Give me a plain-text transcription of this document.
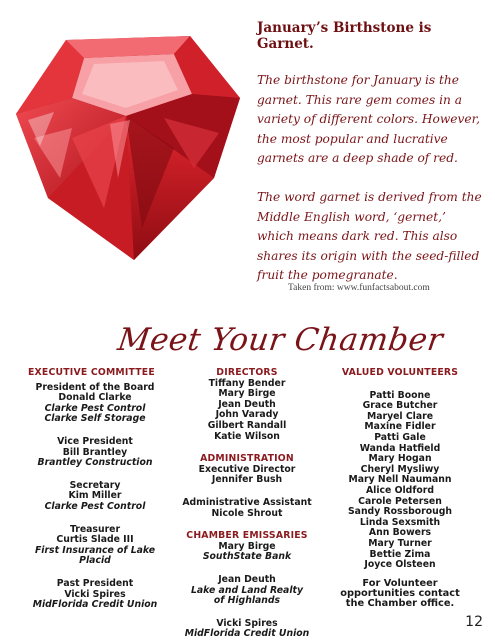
January’s Birthstone is Garnet.

The birthstone for January is the garnet. This rare gem comes in a variety of different colors. However, the most popular and lucrative garnets are a deep shade of red.

The word garnet is derived from the Middle English word, ‘gernet,’ which means dark red. This also shares its origin with the seed-filled fruit the pomegranate.

Taken from: www.funfactsabout.com
Meet Your Chamber
EXECUTIVE COMMITTEE
President of the Board
Donald Clarke
Clarke Pest Control
Clarke Self Storage
Vice President
Bill Brantley
Brantley Construction
Secretary
Kim Miller
Clarke Pest Control
Treasurer
Curtis Slade III
First Insurance of Lake
Placid
Past President
Vicki Spires
MidFlorida Credit Union
DIRECTORS
Tiffany Bender
Mary Birge
Jean Deuth
John Varady
Gilbert Randall
Katie Wilson
ADMINISTRATION
Executive Director
Jennifer Bush
Administrative Assistant
Nicole Shrout
CHAMBER EMISSARIES
Mary Birge
SouthState Bank
Jean Deuth
Lake and Land Realty
of Highlands
Vicki Spires
MidFlorida Credit Union
VALUED VOLUNTEERS
Patti Boone
Grace Butcher
Maryel Clare
Maxine Fidler
Patti Gale
Wanda Hatfield
Mary Hogan
Cheryl Mysliwy
Mary Nell Naumann
Alice Oldford
Carole Petersen
Sandy Rossborough
Linda Sexsmith
Ann Bowers
Mary Turner
Bettie Zima
Joyce Olsteen
For Volunteer opportunities contact the Chamber office.
12
